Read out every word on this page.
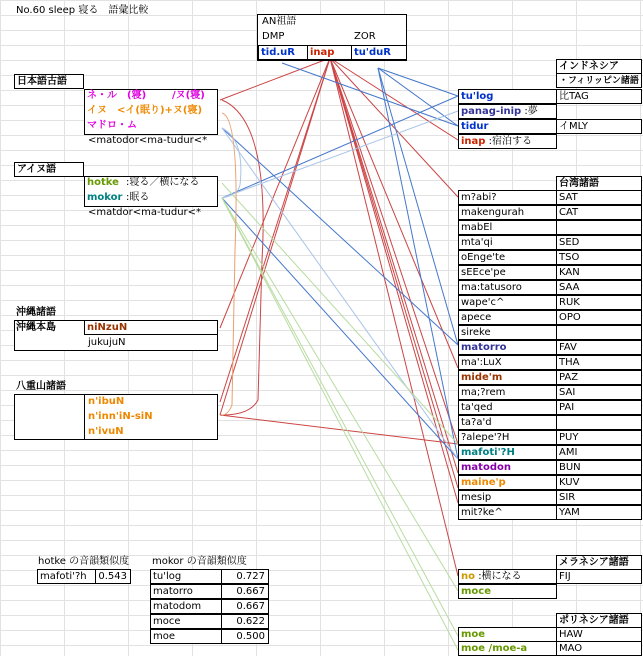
No.60 sleep 寝る　語彙比較
AN祖語
DMP	ZOR
tid.uR	inap	tu'duR
日本語古語
ネ・ル　(寝)	/ヌ(寝)
イヌ　<イ(眠り)+ヌ(寝)
マドロ・ム
<matodor<ma-tudur<*
アイヌ語
hotke :寝る／横になる
mokor :眠る
<matdor<ma-tudur<*
沖縄諸語
沖縄本島	niNzuN
jukujuN
八重山諸語
n'ibuN
n'inn'iN-siN
n'ivuN
インドネシア
・フィリッピン諸語
tu'log	比TAG
panag-inip :夢
tidur	イMLY
inap :宿泊する
台湾諸語
m?abi?	SAT
makengurah	CAT
mabEl
mta'qi	SED
oEnge'te	TSO
sEEce'pe	KAN
ma:tatusoro	SAA
wape'c^	RUK
apece	OPO
sireke
matorro	FAV
ma':LuX	THA
mide'm	PAZ
ma;?rem	SAI
ta'qed	PAI
ta?a'd
?alepe'?H	PUY
mafoti'?H	AMI
matodon	BUN
maine'p	KUV
mesip	SIR
mit?ke^	YAM
メラネシア諸語
no :横になる	FIJ
moce
ポリネシア諸語
moe	HAW
moe /moe-a	MAO
hotke の音韻類似度
mafoti'?h	0.543
mokor の音韻類似度
tu'log	0.727
matorro	0.667
matodom	0.667
moce	0.622
moe	0.500
